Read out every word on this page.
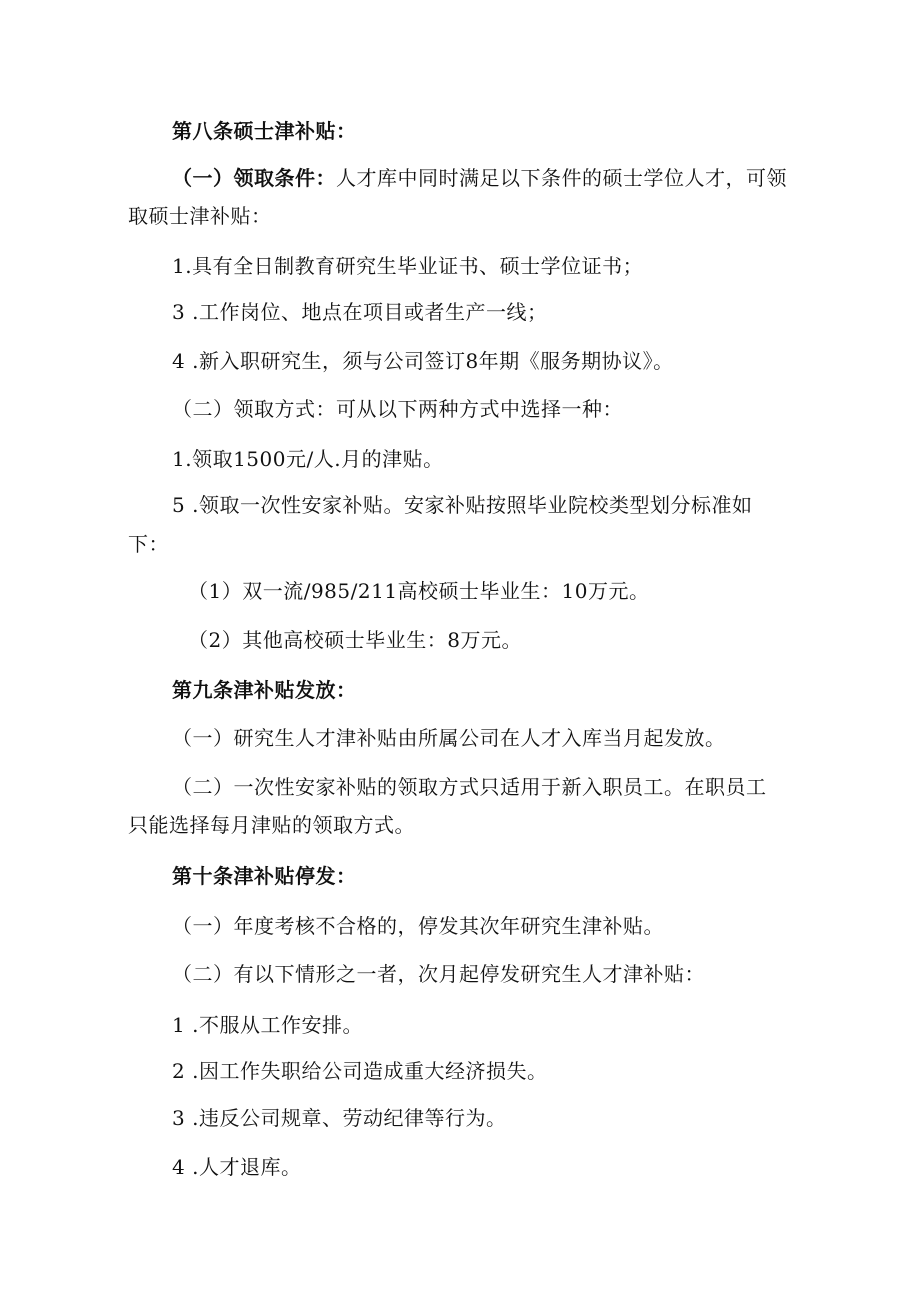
第八条硕士津补贴：
（一）领取条件：人才库中同时满足以下条件的硕士学位人才，可领
取硕士津补贴：
1.具有全日制教育研究生毕业证书、硕士学位证书；
3 .工作岗位、地点在项目或者生产一线；
4 .新入职研究生，须与公司签订8年期《服务期协议》。
（二）领取方式：可从以下两种方式中选择一种：
1.领取1500元/人.月的津贴。
5 .领取一次性安家补贴。安家补贴按照毕业院校类型划分标准如
下：
（1）双一流/985/211高校硕士毕业生：10万元。
（2）其他高校硕士毕业生：8万元。
第九条津补贴发放：
（一）研究生人才津补贴由所属公司在人才入库当月起发放。
（二）一次性安家补贴的领取方式只适用于新入职员工。在职员工
只能选择每月津贴的领取方式。
第十条津补贴停发：
（一）年度考核不合格的，停发其次年研究生津补贴。
（二）有以下情形之一者，次月起停发研究生人才津补贴：
1 .不服从工作安排。
2 .因工作失职给公司造成重大经济损失。
3 .违反公司规章、劳动纪律等行为。
4 .人才退库。
